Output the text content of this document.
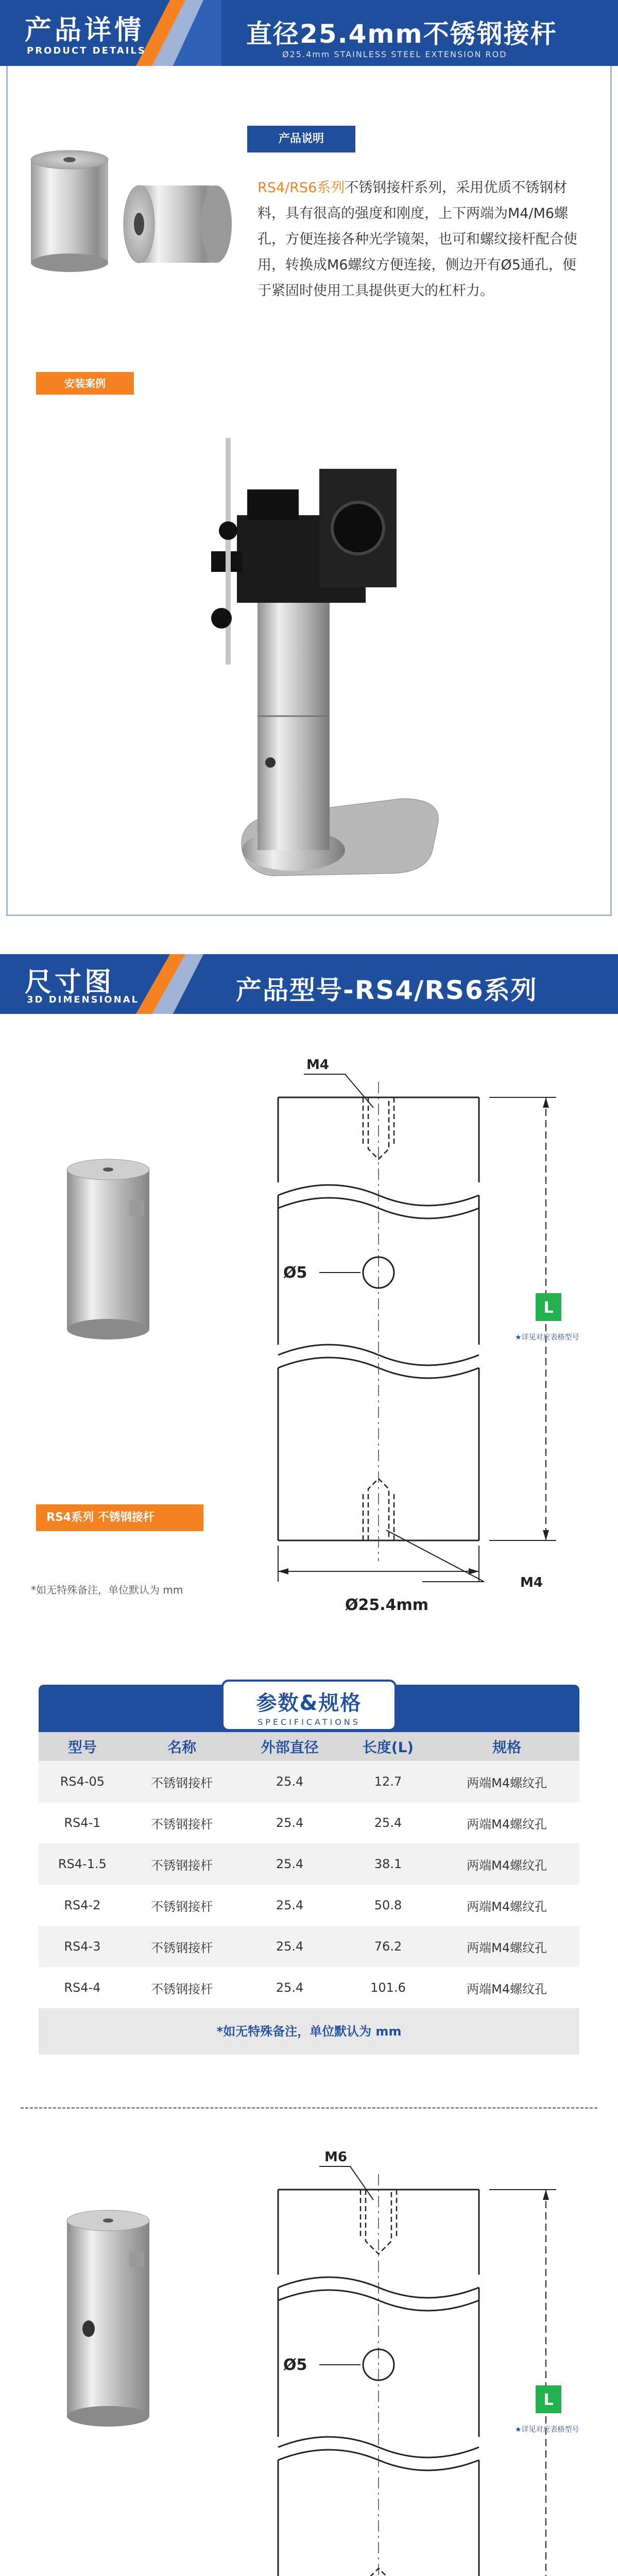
产品详情
PRODUCT DETAILS
直径25.4mm不锈钢接杆
Ø25.4mm STAINLESS STEEL EXTENSION ROD
产品说明
RS4/RS6系列不锈钢接杆系列，采用优质不锈钢材料，具有很高的强度和刚度，上下两端为M4/M6螺孔，方便连接各种光学镜架，也可和螺纹接杆配合使用，转换成M6螺纹方便连接，侧边开有Ø5通孔，便于紧固时使用工具提供更大的杠杆力。
安装案例
尺寸图
3D DIMENSIONAL	产品型号-RS4/RS6系列
RS4系列 不锈钢接杆
*如无特殊备注，单位默认为 mm
M4
Ø5
M4
Ø25.4mm
L
★详见对应表格型号
参数&规格
SPECIFICATIONS
型号	名称	外部直径	长度(L)	规格
RS4-05	不锈钢接杆	25.4	12.7	两端M4螺纹孔
RS4-1	不锈钢接杆	25.4	25.4	两端M4螺纹孔
RS4-1.5	不锈钢接杆	25.4	38.1	两端M4螺纹孔
RS4-2	不锈钢接杆	25.4	50.8	两端M4螺纹孔
RS4-3	不锈钢接杆	25.4	76.2	两端M4螺纹孔
RS4-4	不锈钢接杆	25.4	101.6	两端M4螺纹孔
*如无特殊备注，单位默认为 mm
M6
Ø5
L
★详见对应表格型号
